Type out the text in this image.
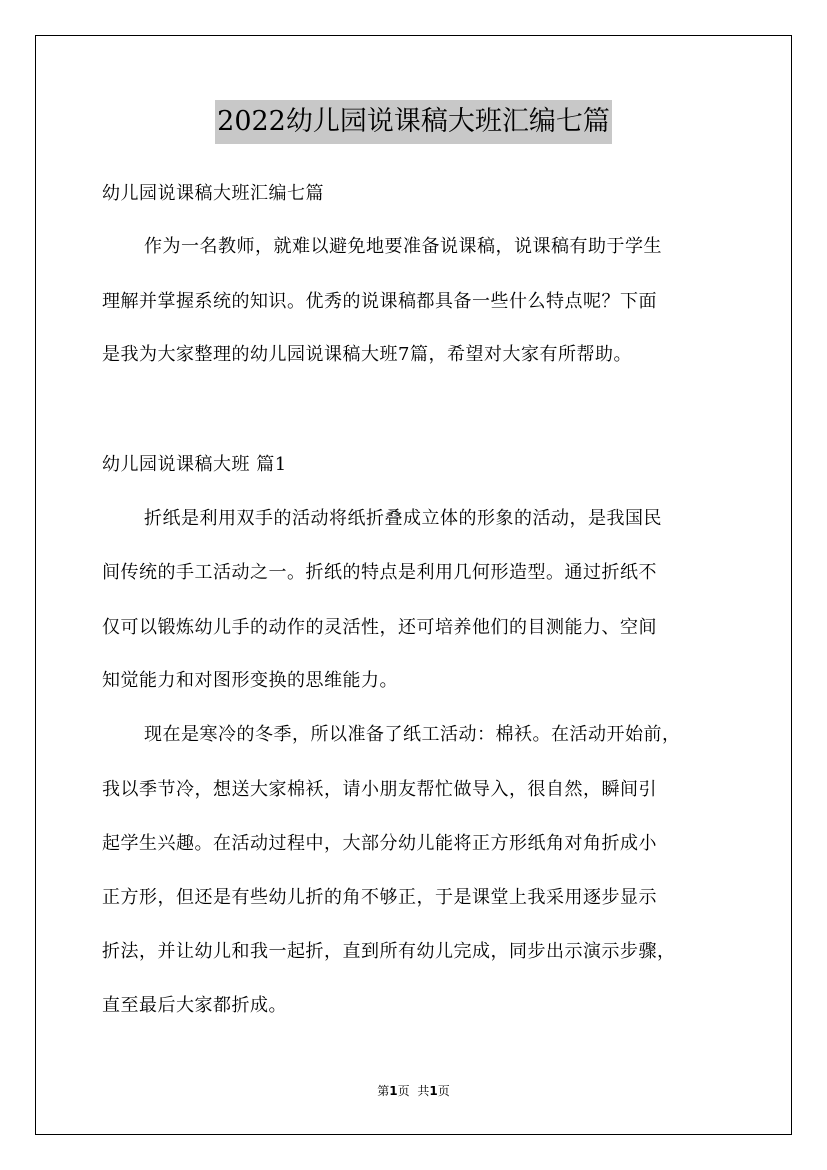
2022幼儿园说课稿大班汇编七篇
幼儿园说课稿大班汇编七篇
作为一名教师，就难以避免地要准备说课稿，说课稿有助于学生
理解并掌握系统的知识。优秀的说课稿都具备一些什么特点呢？下面
是我为大家整理的幼儿园说课稿大班7篇，希望对大家有所帮助。
幼儿园说课稿大班 篇1
折纸是利用双手的活动将纸折叠成立体的形象的活动，是我国民
间传统的手工活动之一。折纸的特点是利用几何形造型。通过折纸不
仅可以锻炼幼儿手的动作的灵活性，还可培养他们的目测能力、空间
知觉能力和对图形变换的思维能力。
现在是寒冷的冬季，所以准备了纸工活动：棉袄。在活动开始前，
我以季节冷，想送大家棉袄，请小朋友帮忙做导入，很自然，瞬间引
起学生兴趣。在活动过程中，大部分幼儿能将正方形纸角对角折成小
正方形，但还是有些幼儿折的角不够正，于是课堂上我采用逐步显示
折法，并让幼儿和我一起折，直到所有幼儿完成，同步出示演示步骤，
直至最后大家都折成。
第1页 共1页
